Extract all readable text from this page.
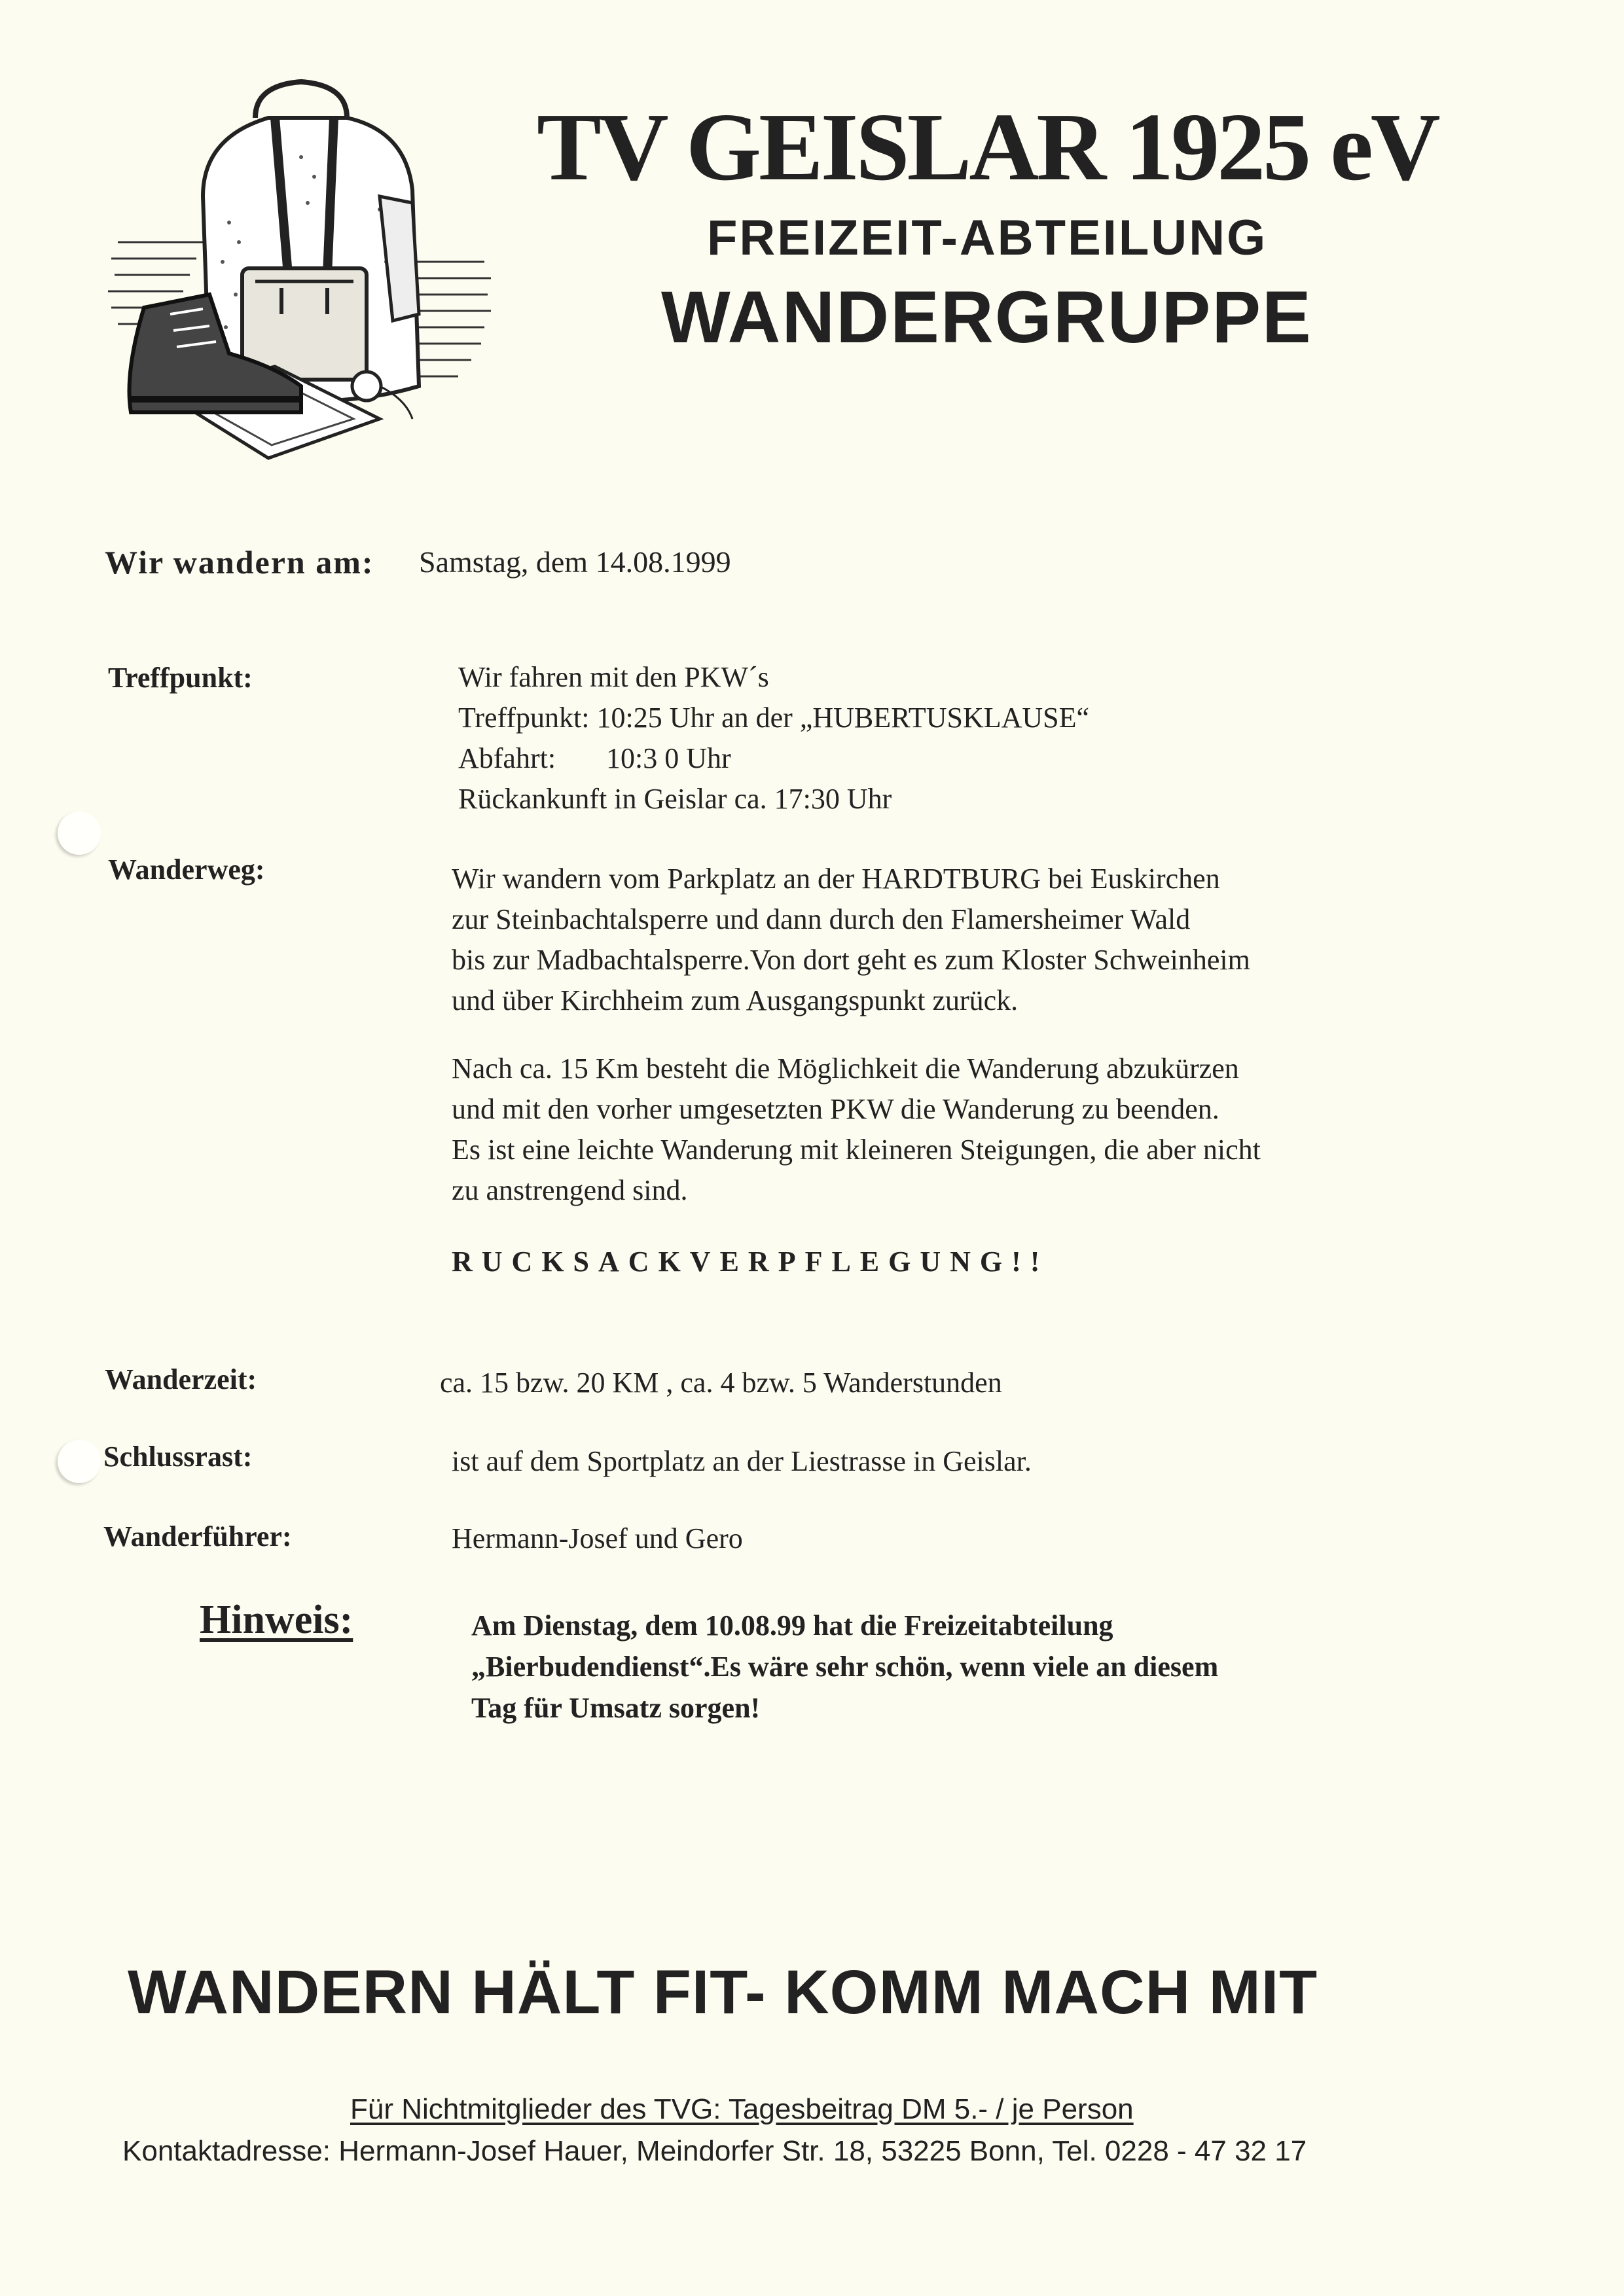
TV GEISLAR 1925 eV
FREIZEIT-ABTEILUNG
WANDERGRUPPE
Wir wandern am: Samstag, dem 14.08.1999
Treffpunkt:	Wir fahren mit den PKW´s
Treffpunkt: 10:25 Uhr an der „HUBERTUSKLAUSE“
Abfahrt:       10:3 0 Uhr
Rückankunft in Geislar ca. 17:30 Uhr
Wanderweg:	Wir wandern vom Parkplatz an der HARDTBURG bei Euskirchen
zur Steinbachtalsperre und dann durch den Flamersheimer Wald
bis zur Madbachtalsperre.Von dort geht es zum Kloster Schweinheim
und über Kirchheim zum Ausgangspunkt zurück.
Nach ca. 15 Km besteht die Möglichkeit die Wanderung abzukürzen
und mit den vorher umgesetzten PKW die Wanderung zu beenden.
Es ist eine leichte Wanderung mit kleineren Steigungen, die aber nicht
zu anstrengend sind.
RUCKSACKVERPFLEGUNG!!
Wanderzeit:	ca. 15 bzw. 20 KM , ca. 4 bzw. 5 Wanderstunden
Schlussrast:	ist auf dem Sportplatz an der Liestrasse in Geislar.
Wanderführer:	Hermann-Josef und Gero
Hinweis:	Am Dienstag, dem 10.08.99 hat die Freizeitabteilung
„Bierbudendienst“.Es wäre sehr schön, wenn viele an diesem
Tag für Umsatz sorgen!
WANDERN HÄLT FIT- KOMM MACH MIT
Für Nichtmitglieder des TVG: Tagesbeitrag DM 5.- / je Person
Kontaktadresse: Hermann-Josef Hauer, Meindorfer Str. 18, 53225 Bonn, Tel. 0228 - 47 32 17
